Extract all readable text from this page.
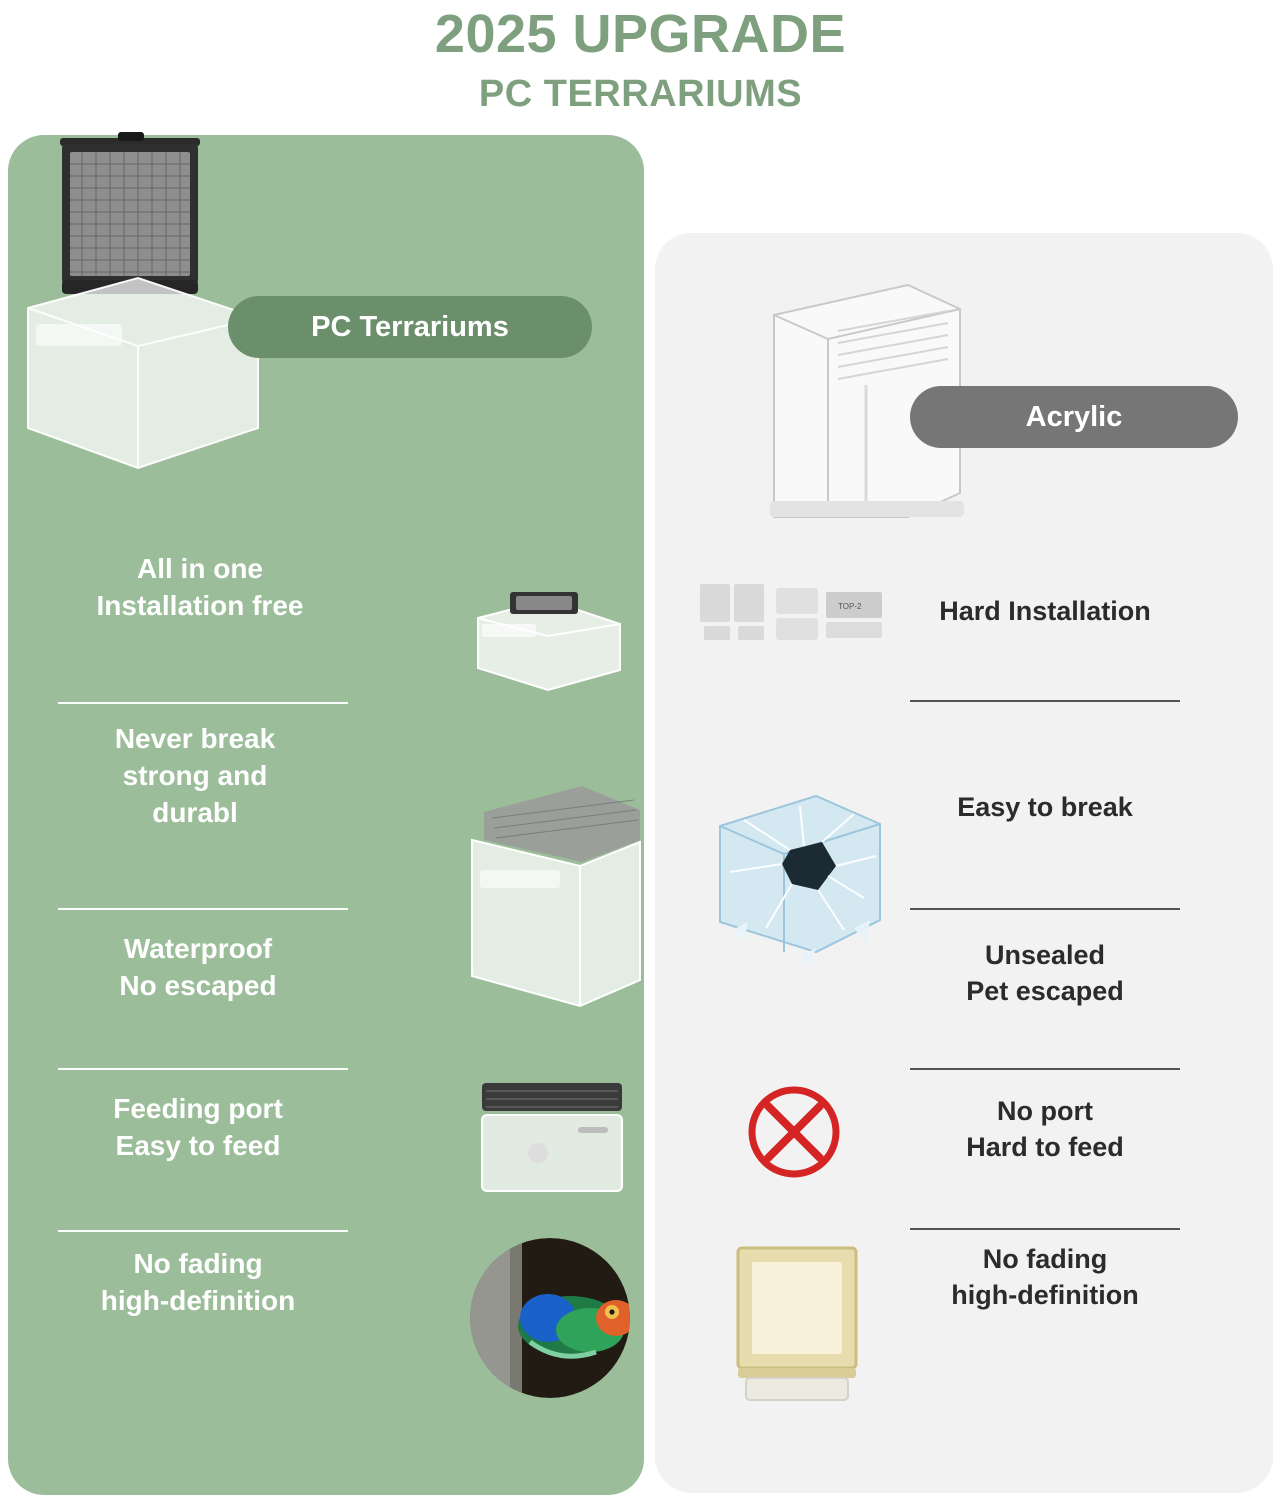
2025 UPGRADE
PC TERRARIUMS
PC Terrariums
All in one
Installation free
Never break
strong and
durabl
Waterproof
No escaped
Feeding port
Easy to feed
No fading
high-definition
Acrylic
TOP-2	Hard Installation
Easy to break
Unsealed
Pet escaped
No port
Hard to feed
No fading
high-definition
